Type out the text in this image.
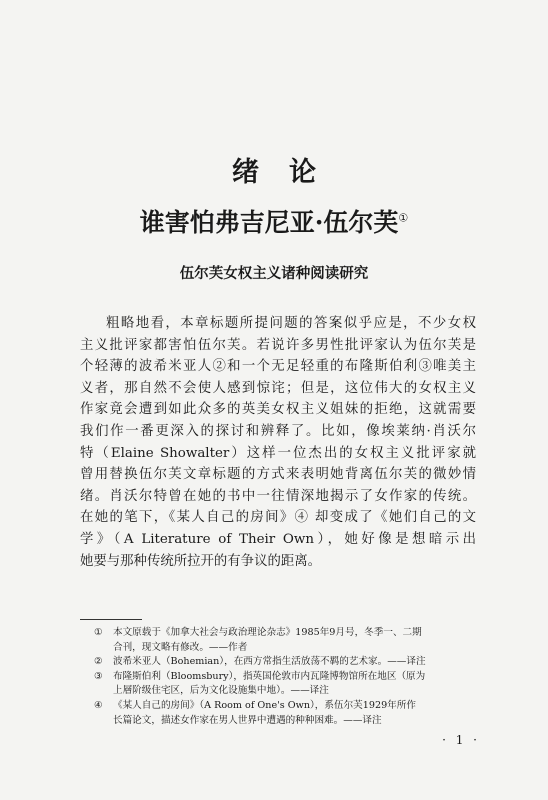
绪论
谁害怕弗吉尼亚·伍尔芙①
伍尔芙女权主义诸种阅读研究
粗略地看，本章标题所提问题的答案似乎应是，不少女权
主义批评家都害怕伍尔芙。若说许多男性批评家认为伍尔芙是
个轻薄的波希米亚人②和一个无足轻重的布隆斯伯利③唯美主
义者，那自然不会使人感到惊诧；但是，这位伟大的女权主义
作家竟会遭到如此众多的英美女权主义姐妹的拒绝，这就需要
我们作一番更深入的探讨和辨释了。比如，像埃莱纳·肖沃尔
特（Elaine Showalter）这样一位杰出的女权主义批评家就
曾用替换伍尔芙文章标题的方式来表明她背离伍尔芙的微妙情
绪。肖沃尔特曾在她的书中一往情深地揭示了女作家的传统。
在她的笔下，《某人自己的房间》④ 却变成了《她们自己的文
学》（A Literature of Their Own），她好像是想暗示出
她要与那种传统所拉开的有争议的距离。
① 本文原载于《加拿大社会与政治理论杂志》1985年9月号，冬季一、二期
合刊，现文略有修改。——作者
② 波希米亚人（Bohemian），在西方常指生活放荡不羁的艺术家。——译注
③ 布隆斯伯利（Bloomsbury），指英国伦敦市内瓦隆博物馆所在地区（原为
上層阶级住宅区，后为文化设施集中地）。——译注
④ 《某人自己的房间》（A Room of One's Own），系伍尔芙1929年所作
长篇论文，描述女作家在男人世界中遭遇的种种困难。——译注
· 1 ·
